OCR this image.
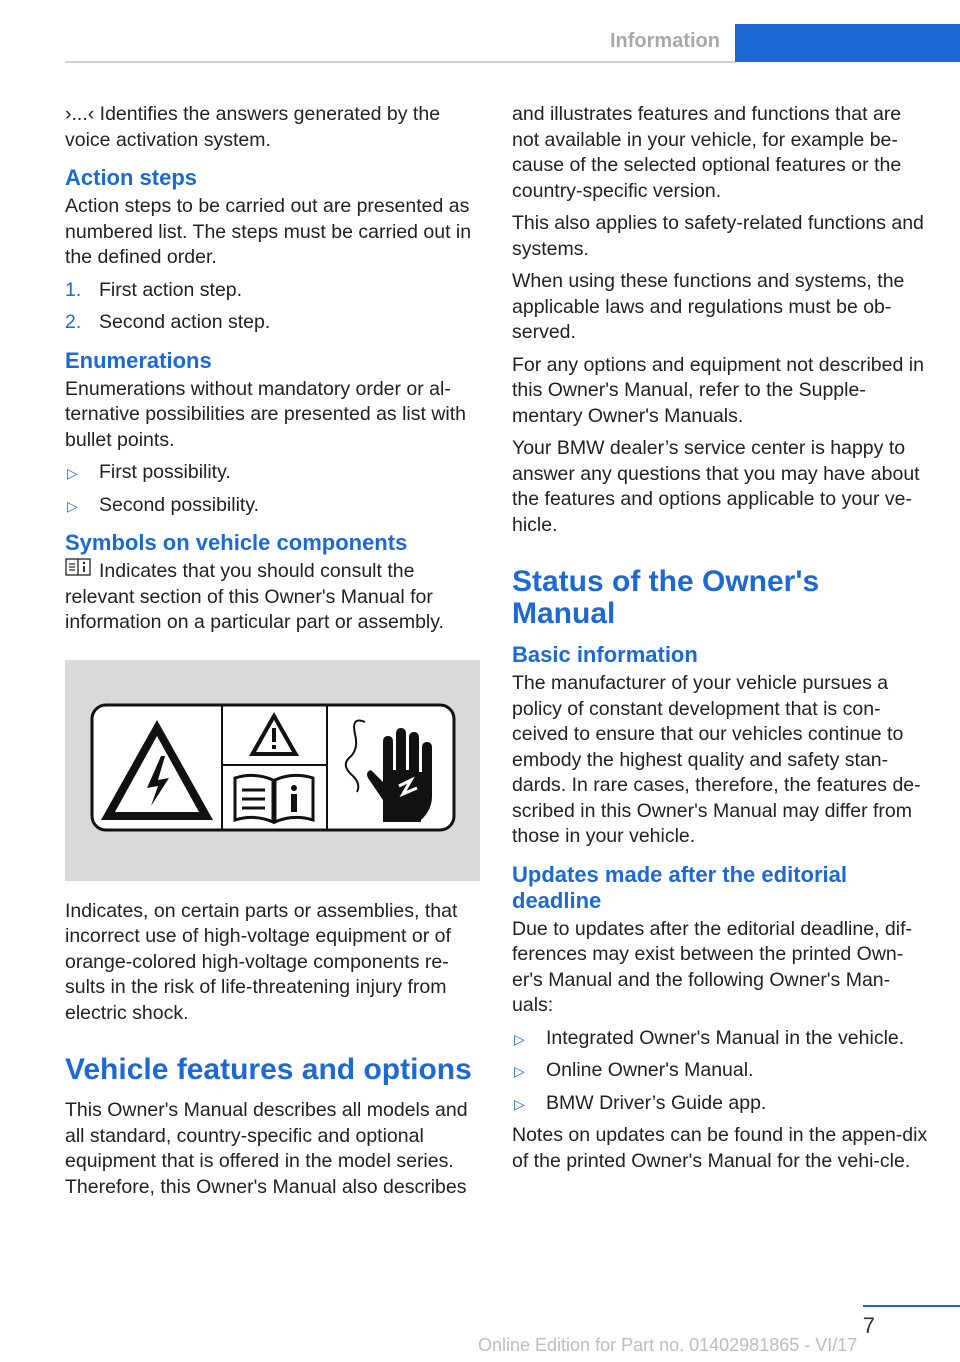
Information

›...‹ Identifies the answers generated by the voice activation system.

Action steps

Action steps to be carried out are presented as numbered list. The steps must be carried out in the defined order.

1. First action step.
2. Second action step.
Enumerations

Enumerations without mandatory order or al‐ternative possibilities are presented as list with bullet points.

▷ First possibility.
▷ Second possibility.
Symbols on vehicle components

Indicates that you should consult the relevant section of this Owner's Manual for information on a particular part or assembly.

Indicates, on certain parts or assemblies, that incorrect use of high-voltage equipment or of orange-colored high-voltage components re‐sults in the risk of life-threatening injury from electric shock.

Vehicle features and options

This Owner's Manual describes all models and all standard, country-specific and optional equipment that is offered in the model series. Therefore, this Owner's Manual also describes

and illustrates features and functions that are not available in your vehicle, for example be‐cause of the selected optional features or the country-specific version.

This also applies to safety-related functions and systems.

When using these functions and systems, the applicable laws and regulations must be ob‐served.

For any options and equipment not described in this Owner's Manual, refer to the Supple‐mentary Owner's Manuals.

Your BMW dealer’s service center is happy to answer any questions that you may have about the features and options applicable to your ve‐hicle.

Status of the Owner's Manual
Basic information

The manufacturer of your vehicle pursues a policy of constant development that is con‐ceived to ensure that our vehicles continue to embody the highest quality and safety stan‐dards. In rare cases, therefore, the features de‐scribed in this Owner's Manual may differ from those in your vehicle.

Updates made after the editorial deadline

Due to updates after the editorial deadline, dif‐ferences may exist between the printed Own‐er's Manual and the following Owner's Man‐uals:

▷ Integrated Owner's Manual in the vehicle.
▷ Online Owner's Manual.
▷ BMW Driver’s Guide app.

Notes on updates can be found in the appen‐dix of the printed Owner's Manual for the vehi‐cle.

7
Online Edition for Part no. 01402981865 - VI/17
